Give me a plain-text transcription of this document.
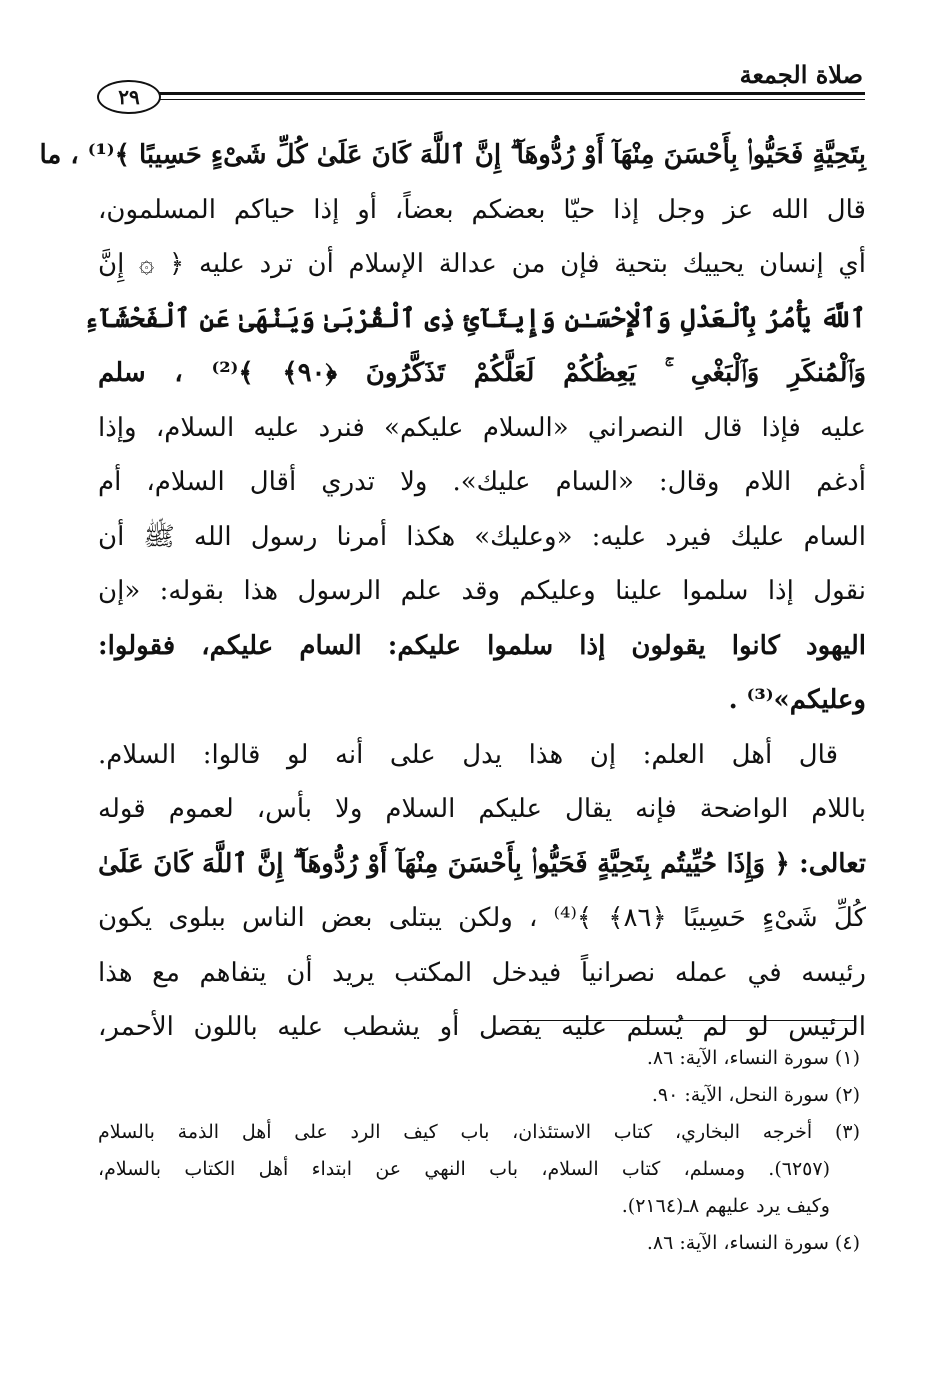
صلاة الجمعة
٢٩
بِتَحِيَّةٍ فَحَيُّوا۟ بِأَحْسَنَ مِنْهَآ أَوْ رُدُّوهَآ ۗ إِنَّ ٱللَّهَ كَانَ عَلَىٰ كُلِّ شَىْءٍ حَسِيبًا ﴾⁽¹⁾ ، ما
قال الله عز وجل إذا حيّا بعضكم بعضاً، أو إذا حياكم المسلمون،
أي إنسان يحييك بتحية فإن من عدالة الإسلام أن ترد عليه ﴿ ۞ إِنَّ
ٱللَّهَ يَأْمُرُ بِٱلْعَدْلِ وَٱلْإِحْسَـٰنِ وَإِيتَآئِ ذِى ٱلْقُرْبَىٰ وَيَنْهَىٰ عَنِ ٱلْفَحْشَآءِ
وَٱلْمُنكَرِ وَٱلْبَغْىِ ۚ يَعِظُكُمْ لَعَلَّكُمْ تَذَكَّرُونَ ﴿٩٠﴾ ﴾⁽²⁾ ، سلم
عليه فإذا قال النصراني «السلام عليكم» فنرد عليه السلام، وإذا
أدغم اللام وقال: «السام عليك». ولا تدري أقال السلام، أم
السام عليك فيرد عليه: «وعليك» هكذا أمرنا رسول الله ﷺ أن
نقول إذا سلموا علينا وعليكم وقد علم الرسول هذا بقوله: «إن
اليهود كانوا يقولون إذا سلموا عليكم: السام عليكم، فقولوا:
وعليكم»⁽³⁾ .
قال أهل العلم: إن هذا يدل على أنه لو قالوا: السلام.
باللام الواضحة فإنه يقال عليكم السلام ولا بأس، لعموم قوله
تعالى: ﴿ وَإِذَا حُيِّيتُم بِتَحِيَّةٍ فَحَيُّوا۟ بِأَحْسَنَ مِنْهَآ أَوْ رُدُّوهَآ ۗ إِنَّ ٱللَّهَ كَانَ عَلَىٰ
كُلِّ شَىْءٍ حَسِيبًا ﴿٨٦﴾ ﴾⁽⁴⁾ ، ولكن يبتلى بعض الناس ببلوى يكون
رئيسه في عمله نصرانياً فيدخل المكتب يريد أن يتفاهم مع هذا
الرئيس لو لم يُسلم عليه يفصل أو يشطب عليه باللون الأحمر،
(١) سورة النساء، الآية: ٨٦.
(٢) سورة النحل، الآية: ٩٠.
(٣) أخرجه البخاري، كتاب الاستئذان، باب كيف الرد على أهل الذمة بالسلام
(٦٢٥٧). ومسلم، كتاب السلام، باب النهي عن ابتداء أهل الكتاب بالسلام،
وكيف يرد عليهم ٨ـ(٢١٦٤).
(٤) سورة النساء، الآية: ٨٦.
